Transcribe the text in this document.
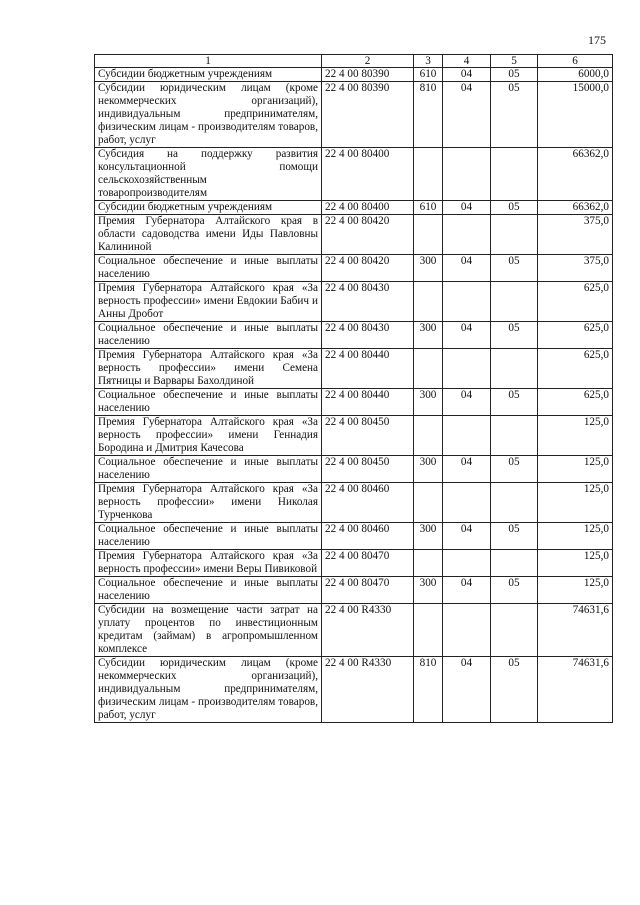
175
1	2	3	4	5	6
Субсидии бюджетным учреждениям	22 4 00 80390	610	04	05	6000,0
Субсидии юридическим лицам (кроме некоммерческих организаций), индивидуальным предпринимателям, физическим лицам - производителям товаров, работ, услуг	22 4 00 80390	810	04	05	15000,0
Субсидия на поддержку развития консультационной помощи сельскохозяйственным товаропроизводителям	22 4 00 80400				66362,0
Субсидии бюджетным учреждениям	22 4 00 80400	610	04	05	66362,0
Премия Губернатора Алтайского края в области садоводства имени Иды Павловны Калининой	22 4 00 80420				375,0
Социальное обеспечение и иные выплаты населению	22 4 00 80420	300	04	05	375,0
Премия Губернатора Алтайского края «За верность профессии» имени Евдокии Бабич и Анны Дробот	22 4 00 80430				625,0
Социальное обеспечение и иные выплаты населению	22 4 00 80430	300	04	05	625,0
Премия Губернатора Алтайского края «За верность профессии» имени Семена Пятницы и Варвары Бахолдиной	22 4 00 80440				625,0
Социальное обеспечение и иные выплаты населению	22 4 00 80440	300	04	05	625,0
Премия Губернатора Алтайского края «За верность профессии» имени Геннадия Бородина и Дмитрия Качесова	22 4 00 80450				125,0
Социальное обеспечение и иные выплаты населению	22 4 00 80450	300	04	05	125,0
Премия Губернатора Алтайского края «За верность профессии» имени Николая Турченкова	22 4 00 80460				125,0
Социальное обеспечение и иные выплаты населению	22 4 00 80460	300	04	05	125,0
Премия Губернатора Алтайского края «За верность профессии» имени Веры Пивиковой	22 4 00 80470				125,0
Социальное обеспечение и иные выплаты населению	22 4 00 80470	300	04	05	125,0
Субсидии на возмещение части затрат на уплату процентов по инвестиционным кредитам (займам) в агропромышленном комплексе	22 4 00 R4330				74631,6
Субсидии юридическим лицам (кроме некоммерческих организаций), индивидуальным предпринимателям, физическим лицам - производителям товаров, работ, услуг	22 4 00 R4330	810	04	05	74631,6
